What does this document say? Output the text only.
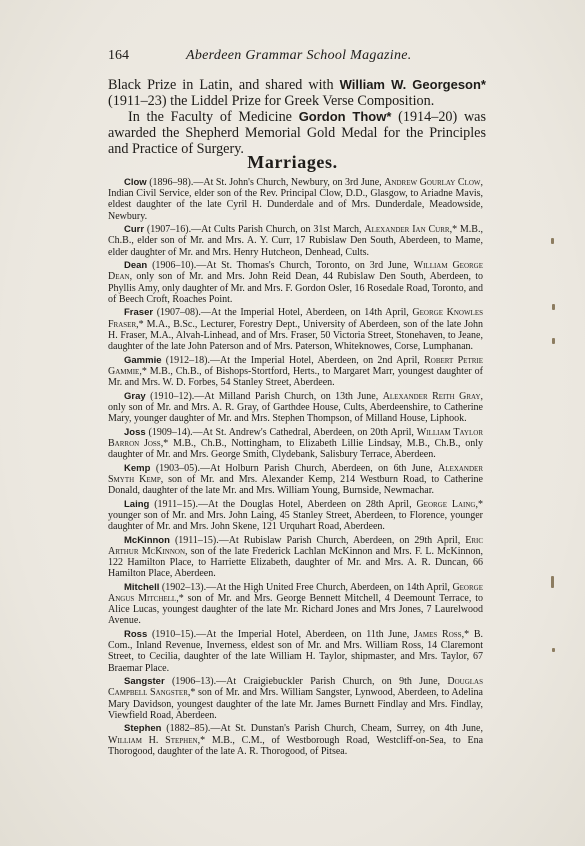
164	Aberdeen Grammar School Magazine.

Black Prize in Latin, and shared with William W. Georgeson* (1911–23) the Liddel Prize for Greek Verse Composition.

In the Faculty of Medicine Gordon Thow* (1914–20) was awarded the Shepherd Memorial Gold Medal for the Principles and Practice of Surgery.

Marriages.

Clow (1896–98).—At St. John's Church, Newbury, on 3rd June, Andrew Gourlay Clow, Indian Civil Service, elder son of the Rev. Principal Clow, D.D., Glasgow, to Ariadne Mavis, eldest daughter of the late Cyril H. Dunderdale and of Mrs. Dunderdale, Meadowside, Newbury.

Curr (1907–16).—At Cults Parish Church, on 31st March, Alexander Ian Curr,* M.B., Ch.B., elder son of Mr. and Mrs. A. Y. Curr, 17 Rubislaw Den South, Aberdeen, to Mame, elder daughter of Mr. and Mrs. Henry Hutcheon, Denhead, Cults.

Dean (1906–10).—At St. Thomas's Church, Toronto, on 3rd June, William George Dean, only son of Mr. and Mrs. John Reid Dean, 44 Rubislaw Den South, Aberdeen, to Phyllis Amy, only daughter of Mr. and Mrs. F. Gordon Osler, 16 Rosedale Road, Toronto, and of Beech Croft, Roaches Point.

Fraser (1907–08).—At the Imperial Hotel, Aberdeen, on 14th April, George Knowles Fraser,* M.A., B.Sc., Lecturer, Forestry Dept., University of Aberdeen, son of the late John H. Fraser, M.A., Alvah-Linhead, and of Mrs. Fraser, 50 Victoria Street, Stonehaven, to Jeane, daughter of the late John Paterson and of Mrs. Paterson, Whiteknowes, Corse, Lumphanan.

Gammie (1912–18).—At the Imperial Hotel, Aberdeen, on 2nd April, Robert Petrie Gammie,* M.B., Ch.B., of Bishops-Stortford, Herts., to Margaret Marr, youngest daughter of Mr. and Mrs. W. D. Forbes, 54 Stanley Street, Aberdeen.

Gray (1910–12).—At Milland Parish Church, on 13th June, Alexander Reith Gray, only son of Mr. and Mrs. A. R. Gray, of Garthdee House, Cults, Aberdeenshire, to Catherine Mary, younger daughter of Mr. and Mrs. Stephen Thompson, of Milland House, Liphook.

Joss (1909–14).—At St. Andrew's Cathedral, Aberdeen, on 20th April, William Taylor Barron Joss,* M.B., Ch.B., Nottingham, to Elizabeth Lillie Lindsay, M.B., Ch.B., only daughter of Mr. and Mrs. George Smith, Clydebank, Salisbury Terrace, Aberdeen.

Kemp (1903–05).—At Holburn Parish Church, Aberdeen, on 6th June, Alexander Smyth Kemp, son of Mr. and Mrs. Alexander Kemp, 214 Westburn Road, to Catherine Donald, daughter of the late Mr. and Mrs. William Young, Burnside, Newmachar.

Laing (1911–15).—At the Douglas Hotel, Aberdeen on 28th April, George Laing,* younger son of Mr. and Mrs. John Laing, 45 Stanley Street, Aberdeen, to Florence, younger daughter of Mr. and Mrs. John Skene, 121 Urquhart Road, Aberdeen.

McKinnon (1911–15).—At Rubislaw Parish Church, Aberdeen, on 29th April, Eric Arthur McKinnon, son of the late Frederick Lachlan McKinnon and Mrs. F. L. McKinnon, 122 Hamilton Place, to Harriette Elizabeth, daughter of Mr. and Mrs. A. R. Duncan, 66 Hamilton Place, Aberdeen.

Mitchell (1902–13).—At the High United Free Church, Aberdeen, on 14th April, George Angus Mitchell,* son of Mr. and Mrs. George Bennett Mitchell, 4 Deemount Terrace, to Alice Lucas, youngest daughter of the late Mr. Richard Jones and Mrs Jones, 7 Laurelwood Avenue.

Ross (1910–15).—At the Imperial Hotel, Aberdeen, on 11th June, James Ross,* B. Com., Inland Revenue, Inverness, eldest son of Mr. and Mrs. William Ross, 14 Claremont Street, to Cecilia, daughter of the late William H. Taylor, shipmaster, and Mrs. Taylor, 67 Braemar Place.

Sangster (1906–13).—At Craigiebuckler Parish Church, on 9th June, Douglas Campbell Sangster,* son of Mr. and Mrs. William Sangster, Lynwood, Aberdeen, to Adelina Mary Davidson, youngest daughter of the late Mr. James Burnett Findlay and Mrs. Findlay, Viewfield Road, Aberdeen.

Stephen (1882–85).—At St. Dunstan's Parish Church, Cheam, Surrey, on 4th June, William H. Stephen,* M.B., C.M., of Westborough Road, Westcliff-on-Sea, to Ena Thorogood, daughter of the late A. R. Thorogood, of Pitsea.
